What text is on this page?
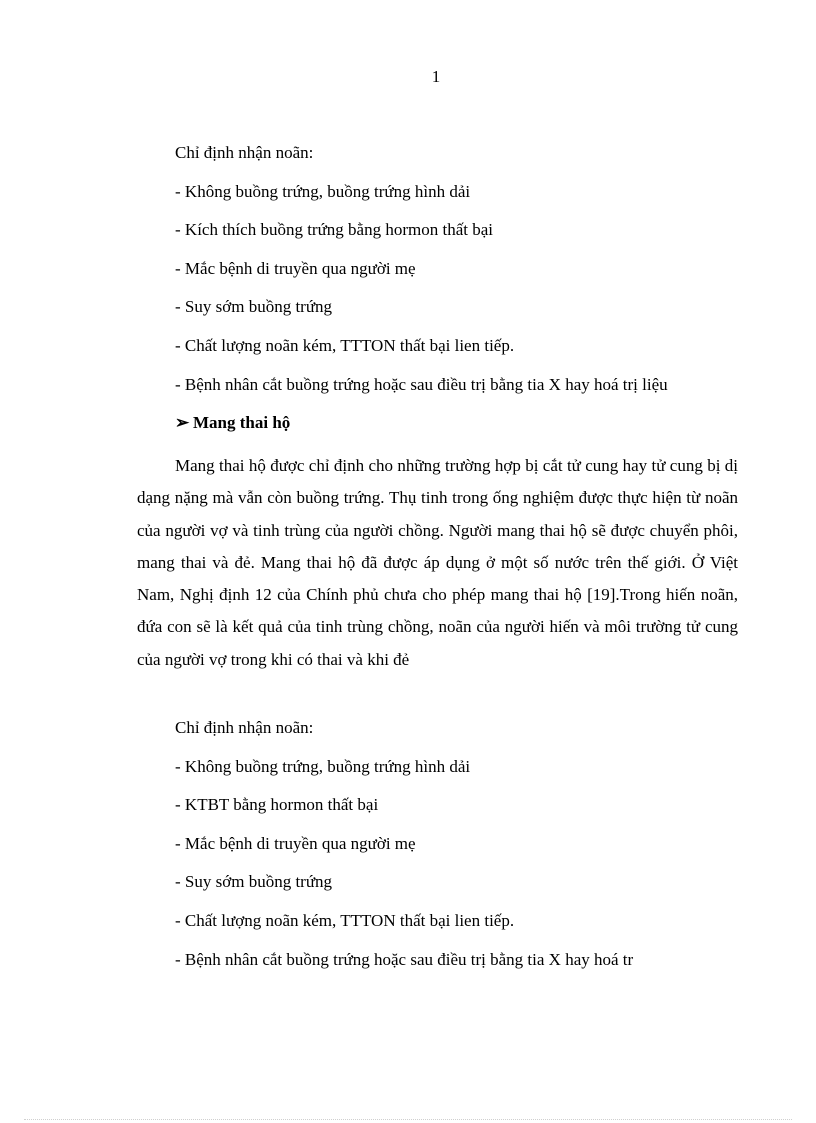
1
Chỉ định nhận noãn:
- Không buồng trứng, buồng trứng hình dải
- Kích thích buồng trứng bằng hormon thất bại
- Mắc bệnh di truyền qua người mẹ
- Suy sớm buồng trứng
- Chất lượng noãn kém, TTTON thất bại lien tiếp.
- Bệnh nhân cắt buồng trứng hoặc sau điều trị bằng tia X hay hoá trị liệu
➢ Mang thai hộ
Mang thai hộ được chỉ định cho những trường hợp bị cắt tử cung hay tử cung bị dị dạng nặng mà vẫn còn buồng trứng. Thụ tinh trong ống nghiệm được thực hiện từ noãn của người vợ và tinh trùng của người chồng. Người mang thai hộ sẽ được chuyển phôi, mang thai và đẻ. Mang thai hộ đã được áp dụng ở một số nước trên thế giới. Ở Việt Nam, Nghị định 12 của Chính phủ chưa cho phép mang thai hộ [19].Trong hiến noãn, đứa con sẽ là kết quả của tinh trùng chồng, noãn của người hiến và môi trường tử cung của người vợ trong khi có thai và khi đẻ
Chỉ định nhận noãn:
- Không buồng trứng, buồng trứng hình dải
- KTBT bằng hormon thất bại
- Mắc bệnh di truyền qua người mẹ
- Suy sớm buồng trứng
- Chất lượng noãn kém, TTTON thất bại lien tiếp.
- Bệnh nhân cắt buồng trứng hoặc sau điều trị bằng tia X hay hoá tr
